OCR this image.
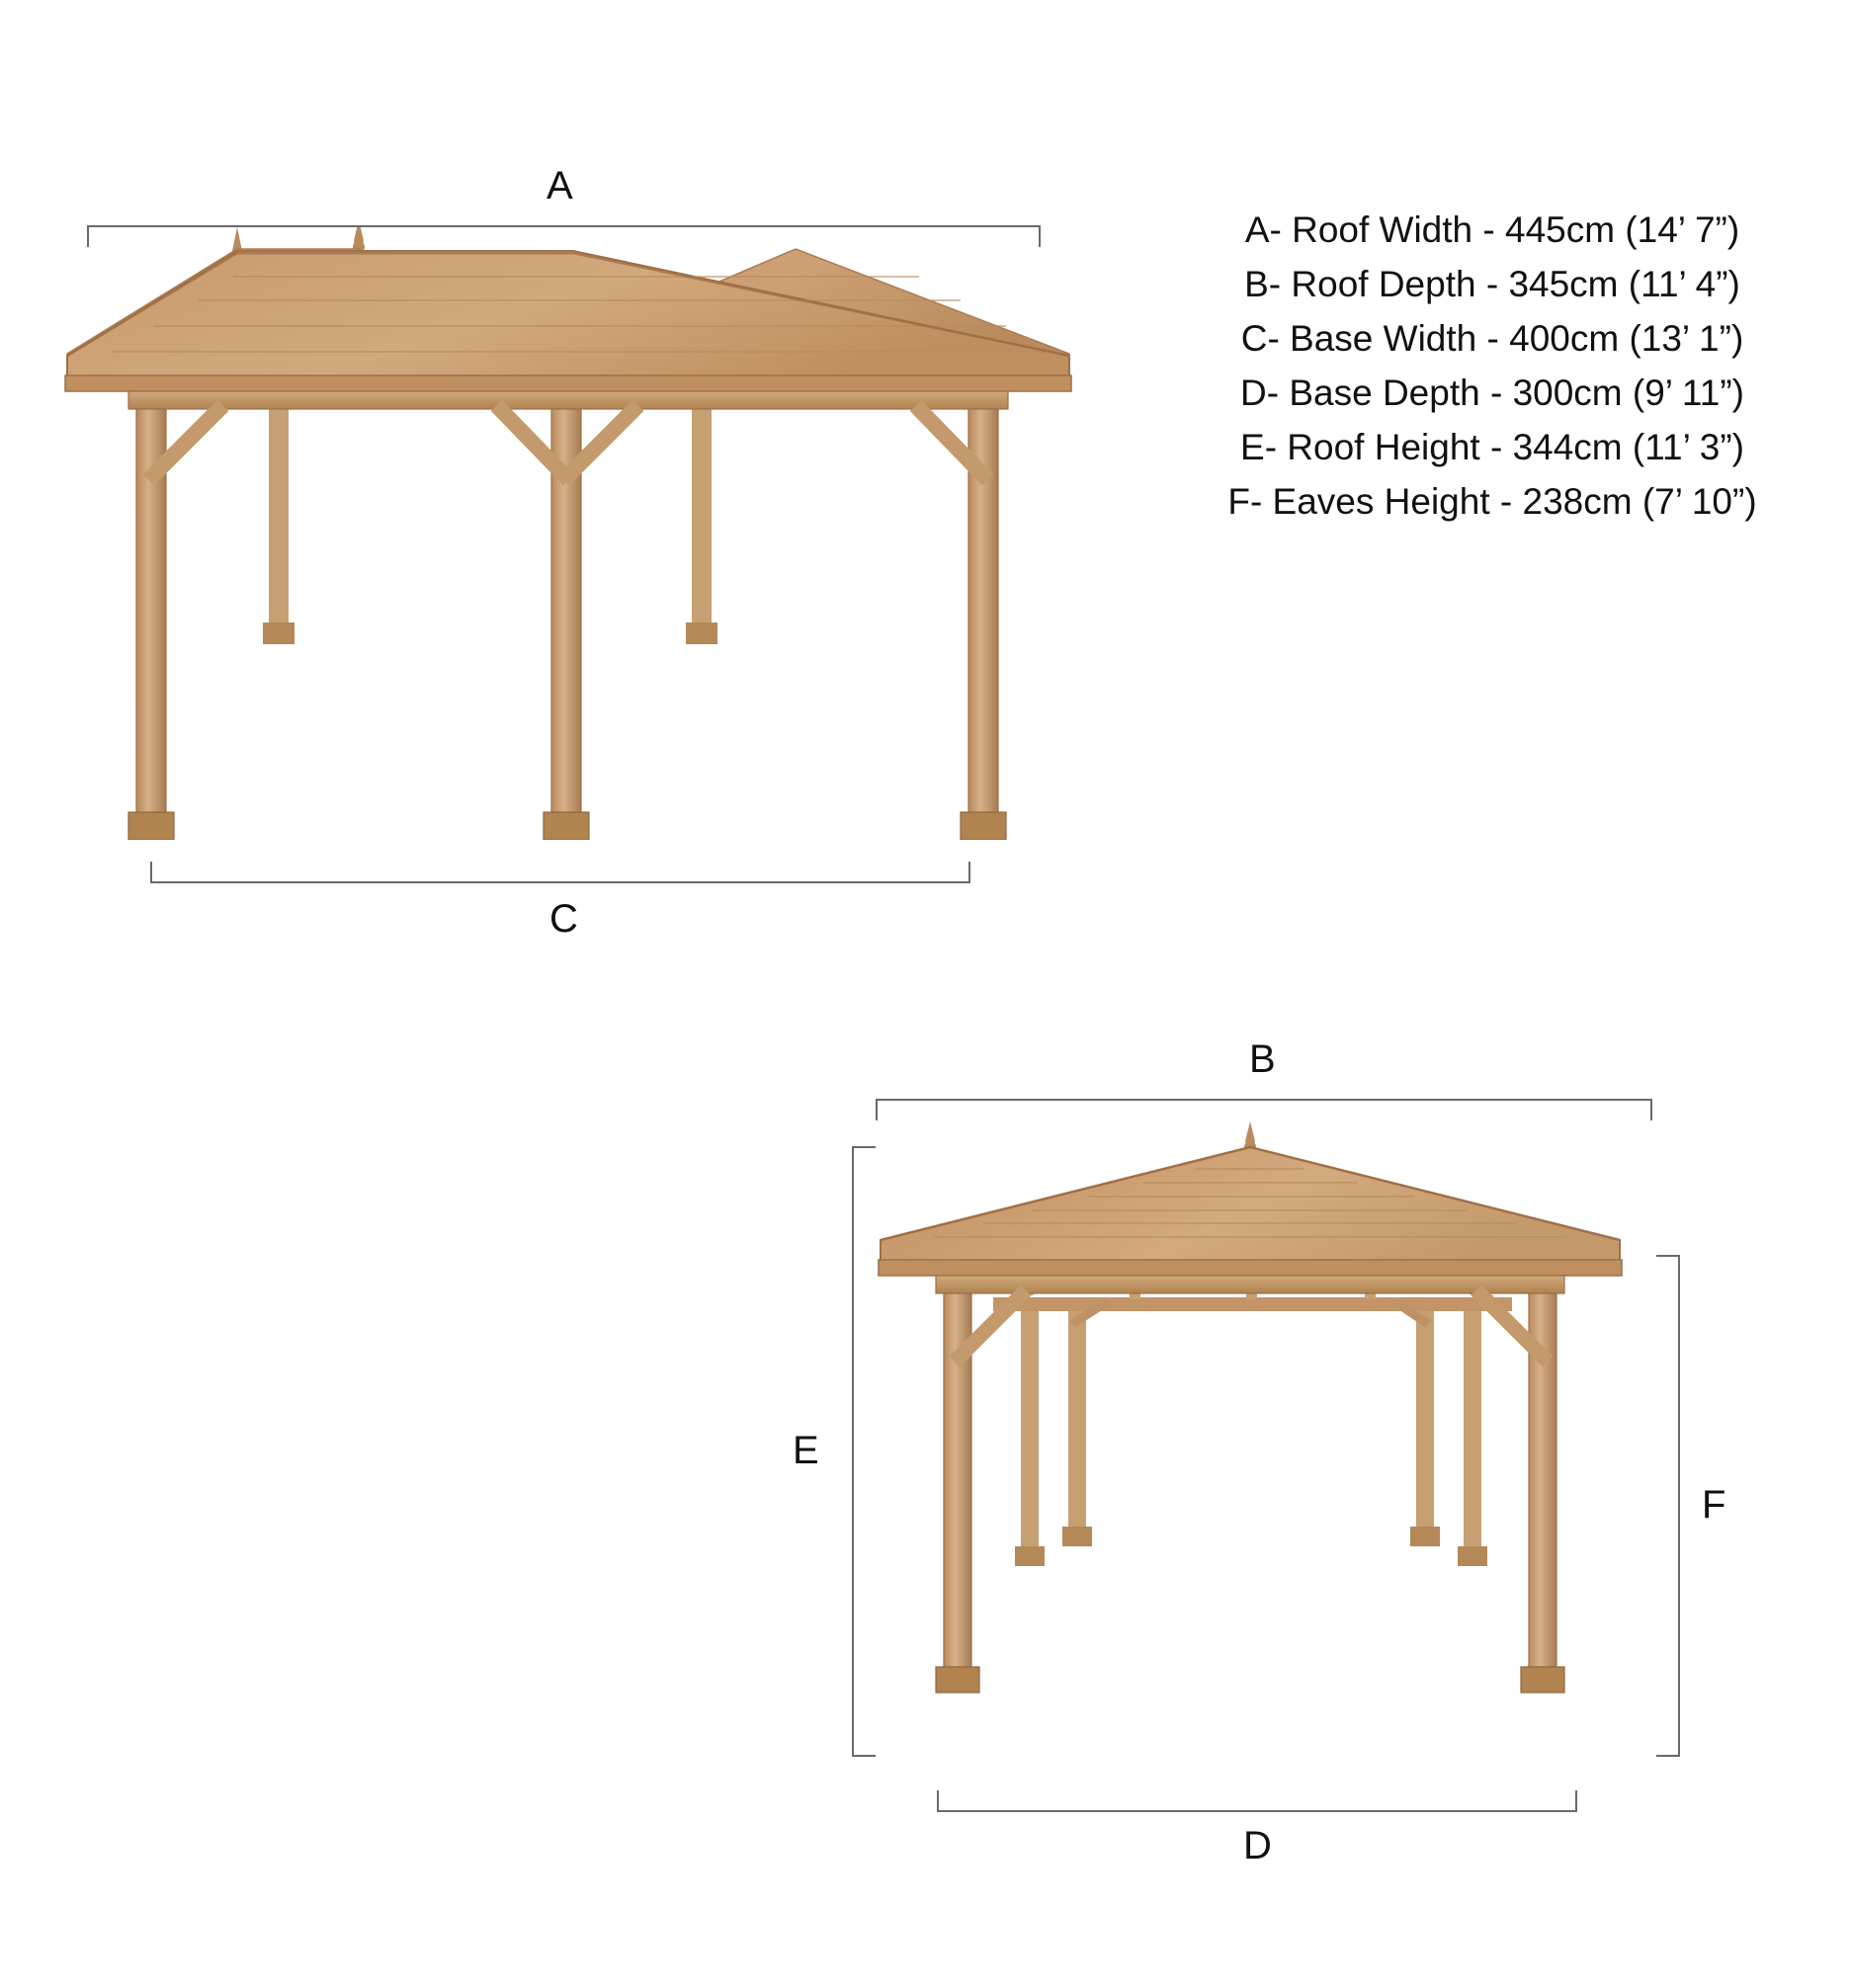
A
C
A- Roof Width - 445cm (14’ 7”)
B- Roof Depth - 345cm (11’ 4”)
C- Base Width - 400cm (13’ 1”)
D- Base Depth - 300cm (9’ 11”)
E- Roof Height - 344cm (11’ 3”)
F- Eaves Height - 238cm (7’ 10”)
B
E
F
D
